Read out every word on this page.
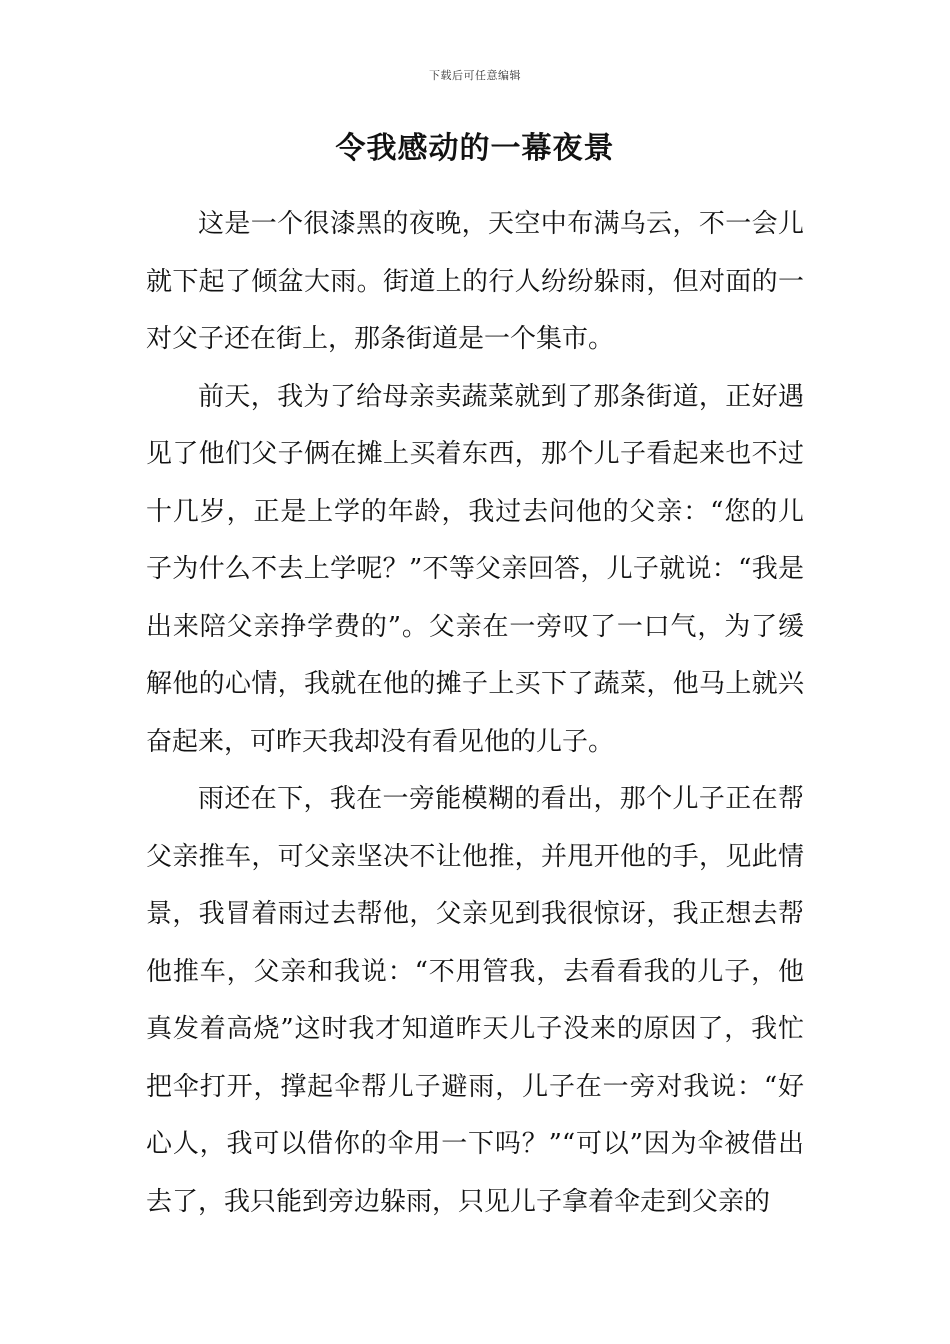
下载后可任意编辑
令我感动的一幕夜景

这是一个很漆黑的夜晚，天空中布满乌云，不一会儿就下起了倾盆大雨。街道上的行人纷纷躲雨，但对面的一对父子还在街上，那条街道是一个集市。

前天，我为了给母亲卖蔬菜就到了那条街道，正好遇见了他们父子俩在摊上买着东西，那个儿子看起来也不过十几岁，正是上学的年龄，我过去问他的父亲：“您的儿子为什么不去上学呢？”不等父亲回答，儿子就说：“我是出来陪父亲挣学费的”。父亲在一旁叹了一口气，为了缓解他的心情，我就在他的摊子上买下了蔬菜，他马上就兴奋起来，可昨天我却没有看见他的儿子。

雨还在下，我在一旁能模糊的看出，那个儿子正在帮父亲推车，可父亲坚决不让他推，并甩开他的手，见此情景，我冒着雨过去帮他，父亲见到我很惊讶，我正想去帮他推车，父亲和我说：“不用管我，去看看我的儿子，他真发着高烧”这时我才知道昨天儿子没来的原因了，我忙把伞打开，撑起伞帮儿子避雨，儿子在一旁对我说：“好心人，我可以借你的伞用一下吗？”“可以”因为伞被借出去了，我只能到旁边躲雨，只见儿子拿着伞走到父亲的
